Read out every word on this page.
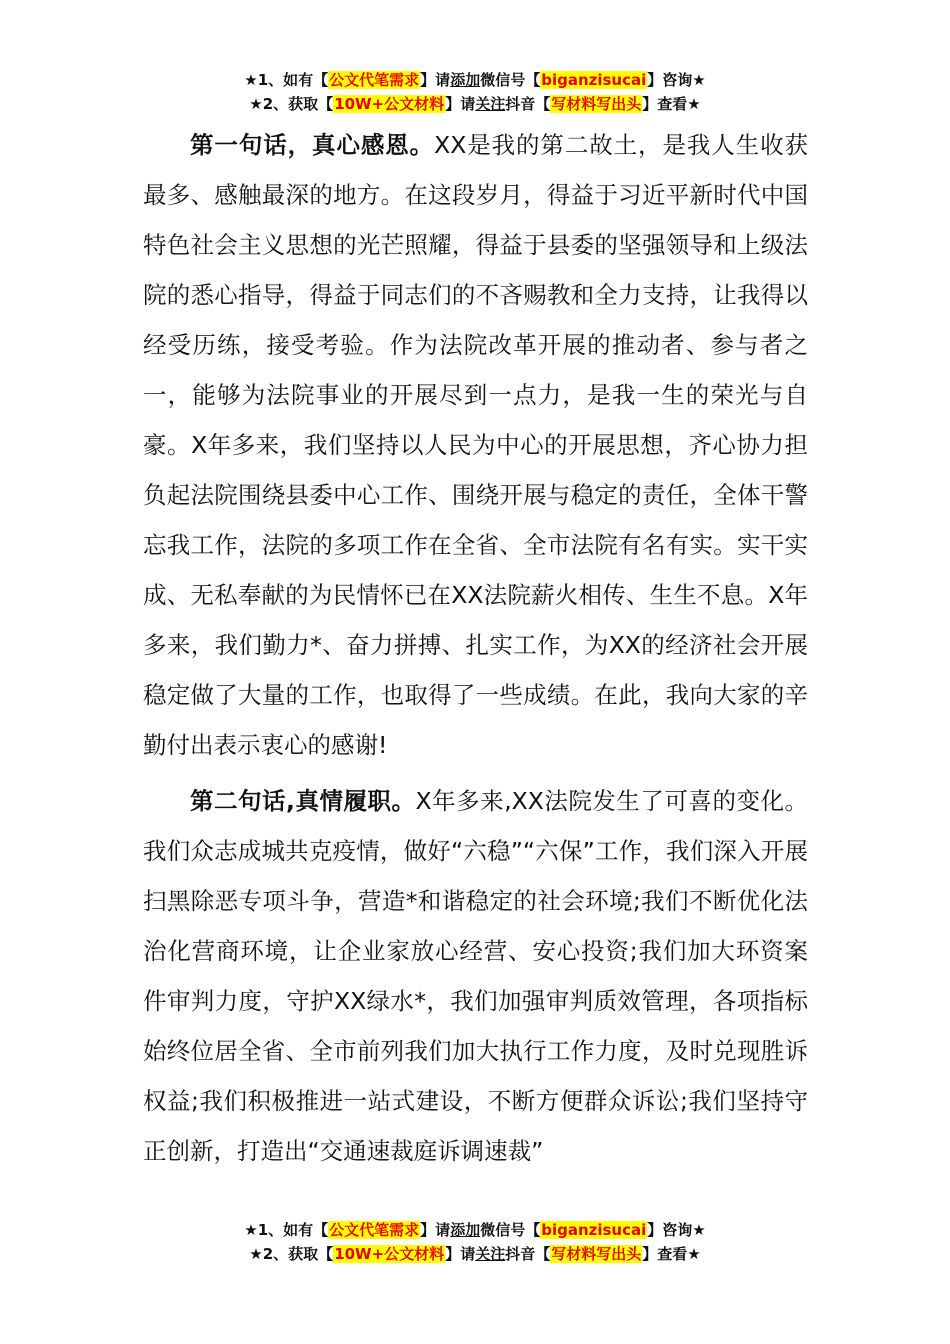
★1、如有【公文代笔需求】请添加微信号【biganzisucai】咨询★
★2、获取【10W+公文材料】请关注抖音【写材料写出头】查看★

第一句话，真心感恩。XX是我的第二故土，是我人生收获最多、感触最深的地方。在这段岁月，得益于习近平新时代中国特色社会主义思想的光芒照耀，得益于县委的坚强领导和上级法院的悉心指导，得益于同志们的不吝赐教和全力支持，让我得以经受历练，接受考验。作为法院改革开展的推动者、参与者之一，能够为法院事业的开展尽到一点力，是我一生的荣光与自豪。X年多来，我们坚持以人民为中心的开展思想，齐心协力担负起法院围绕县委中心工作、围绕开展与稳定的责任，全体干警忘我工作，法院的多项工作在全省、全市法院有名有实。实干实成、无私奉献的为民情怀已在XX法院薪火相传、生生不息。X年多来，我们勤力*、奋力拼搏、扎实工作，为XX的经济社会开展稳定做了大量的工作，也取得了一些成绩。在此，我向大家的辛勤付出表示衷心的感谢!

第二句话,真情履职。X年多来,XX法院发生了可喜的变化。我们众志成城共克疫情，做好“六稳”“六保”工作，我们深入开展扫黑除恶专项斗争，营造*和谐稳定的社会环境;我们不断优化法治化营商环境，让企业家放心经营、安心投资;我们加大环资案件审判力度，守护XX绿水*，我们加强审判质效管理，各项指标始终位居全省、全市前列我们加大执行工作力度，及时兑现胜诉权益;我们积极推进一站式建设，不断方便群众诉讼;我们坚持守正创新，打造出“交通速裁庭诉调速裁”

★1、如有【公文代笔需求】请添加微信号【biganzisucai】咨询★
★2、获取【10W+公文材料】请关注抖音【写材料写出头】查看★
